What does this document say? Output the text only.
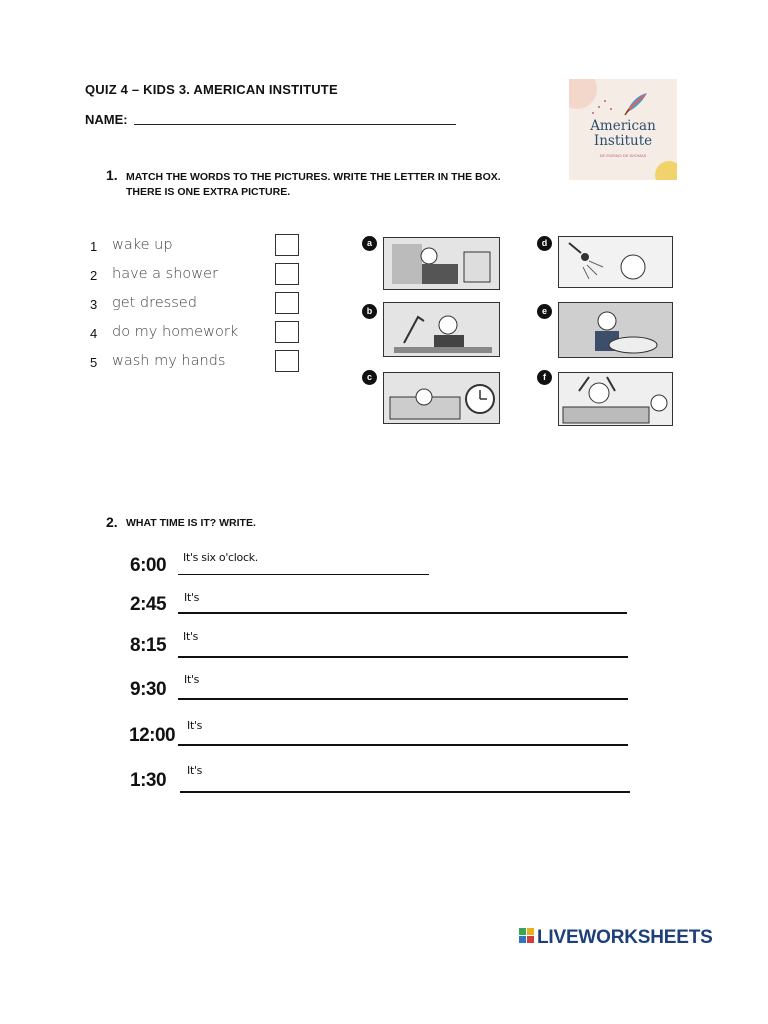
QUIZ 4 – KIDS 3. AMERICAN INSTITUTE
NAME:	American
Institute
DE ENSINO DE IDIOMAS
1. MATCH THE WORDS TO THE PICTURES. WRITE THE LETTER IN THE BOX.
THERE IS ONE EXTRA PICTURE.
1 wake up
2 have a shower
3 get dressed
4 do my homework
5 wash my hands
a
b
c
d
e
f
2. WHAT TIME IS IT? WRITE.
6:00 It's six o'clock.
2:45 It's
8:15 It's
9:30 It's
12:00 It's
1:30 It's
LIVEWORKSHEETS
